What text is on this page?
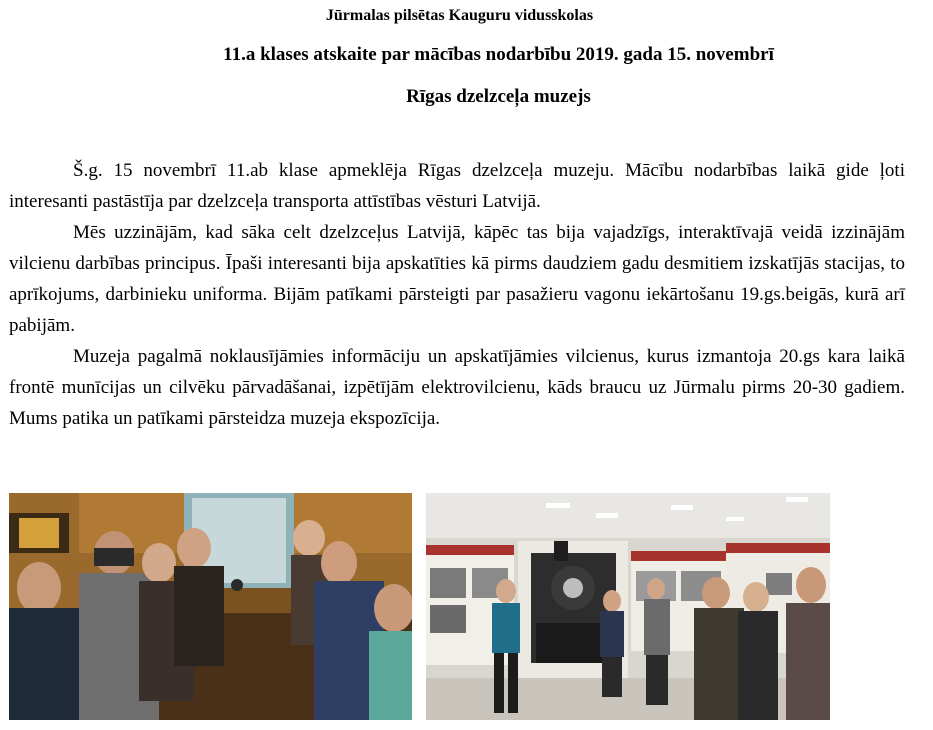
Jūrmalas pilsētas Kauguru vidusskolas
11.a klases atskaite par mācības nodarbību 2019. gada 15. novembrī
Rīgas dzelzceļa muzejs

Š.g. 15 novembrī 11.ab klase apmeklēja Rīgas dzelzceļa muzeju. Mācību nodarbības laikā gide ļoti interesanti pastāstīja par dzelzceļa transporta attīstības vēsturi Latvijā.

Mēs uzzinājām, kad sāka celt dzelzceļus Latvijā, kāpēc tas bija vajadzīgs, interaktīvajā veidā izzinājām vilcienu darbības principus. Īpaši interesanti bija apskatīties kā pirms daudziem gadu desmitiem izskatījās stacijas, to aprīkojums, darbinieku uniforma. Bijām patīkami pārsteigti par pasažieru vagonu iekārtošanu 19.gs.beigās, kurā arī pabijām.

Muzeja pagalmā noklausījāmies informāciju un apskatījāmies vilcienus, kurus izmantoja 20.gs kara laikā frontē munīcijas un cilvēku pārvadāšanai, izpētījām elektrovilcienu, kāds braucu uz Jūrmalu pirms 20-30 gadiem. Mums patika un patīkami pārsteidza muzeja ekspozīcija.
